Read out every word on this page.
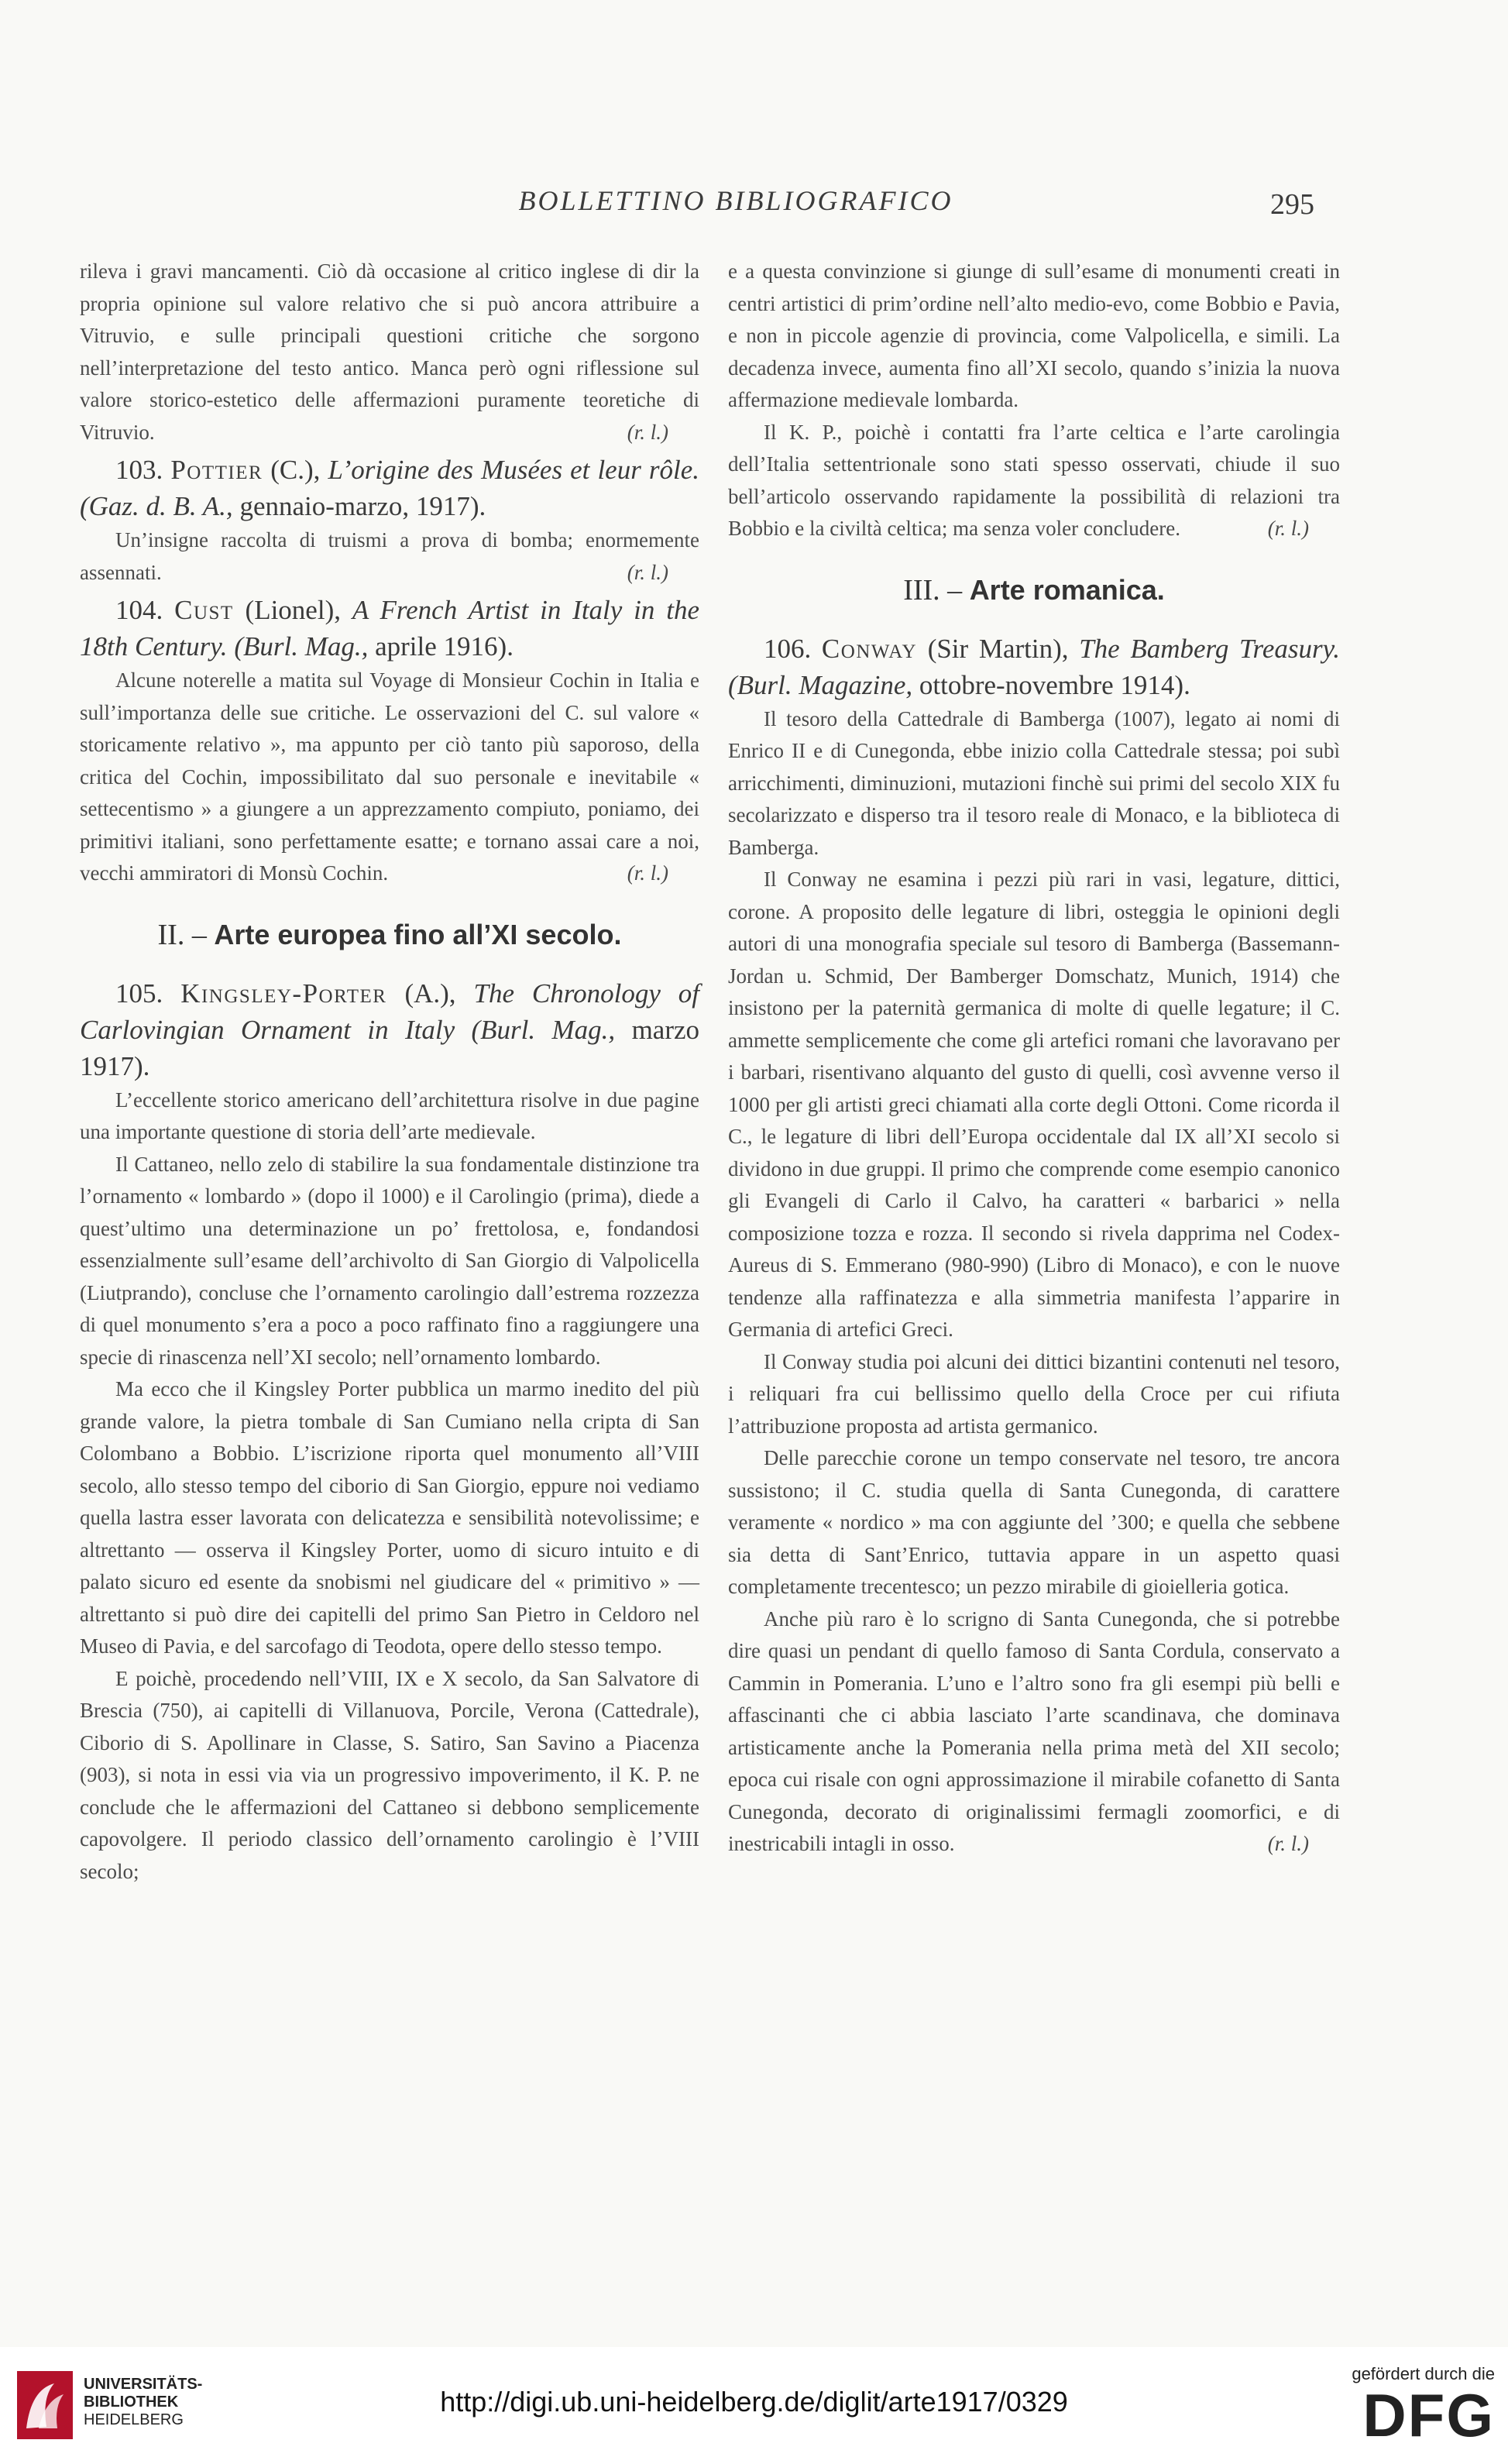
BOLLETTINO BIBLIOGRAFICO	295

rileva i gravi mancamenti. Ciò dà occasione al critico inglese di dir la propria opinione sul valore relativo che si può ancora attribuire a Vitruvio, e sulle principali questioni critiche che sorgono nell’interpretazione del testo antico. Manca però ogni riflessione sul valore storico-estetico delle affermazioni puramente teoretiche di Vitruvio.	(r. l.)

103. Pottier (C.), L’origine des Musées et leur rôle. (Gaz. d. B. A., gennaio-marzo, 1917).

Un’insigne raccolta di truismi a prova di bomba; enormemente assennati.	(r. l.)

104. Cust (Lionel), A French Artist in Italy in the 18th Century. (Burl. Mag., aprile 1916).

Alcune noterelle a matita sul Voyage di Monsieur Cochin in Italia e sull’importanza delle sue critiche. Le osservazioni del C. sul valore « storicamente relativo », ma appunto per ciò tanto più saporoso, della critica del Cochin, impossibilitato dal suo personale e inevitabile « settecentismo » a giungere a un apprezzamento compiuto, poniamo, dei primitivi italiani, sono perfettamente esatte; e tornano assai care a noi, vecchi ammiratori di Monsù Cochin.	(r. l.)

II. – Arte europea fino all’XI secolo.

105. Kingsley-Porter (A.), The Chronology of Carlovingian Ornament in Italy (Burl. Mag., marzo 1917).

L’eccellente storico americano dell’architettura risolve in due pagine una importante questione di storia dell’arte medievale.

Il Cattaneo, nello zelo di stabilire la sua fondamentale distinzione tra l’ornamento « lombardo » (dopo il 1000) e il Carolingio (prima), diede a quest’ultimo una determinazione un po’ frettolosa, e, fondandosi essenzialmente sull’esame dell’archivolto di San Giorgio di Valpolicella (Liutprando), concluse che l’ornamento carolingio dall’estrema rozzezza di quel monumento s’era a poco a poco raffinato fino a raggiungere una specie di rinascenza nell’XI secolo; nell’ornamento lombardo.

Ma ecco che il Kingsley Porter pubblica un marmo inedito del più grande valore, la pietra tombale di San Cumiano nella cripta di San Colombano a Bobbio. L’iscrizione riporta quel monumento all’VIII secolo, allo stesso tempo del ciborio di San Giorgio, eppure noi vediamo quella lastra esser lavorata con delicatezza e sensibilità notevolissime; e altrettanto — osserva il Kingsley Porter, uomo di sicuro intuito e di palato sicuro ed esente da snobismi nel giudicare del « primitivo » — altrettanto si può dire dei capitelli del primo San Pietro in Celdoro nel Museo di Pavia, e del sarcofago di Teodota, opere dello stesso tempo.

E poichè, procedendo nell’VIII, IX e X secolo, da San Salvatore di Brescia (750), ai capitelli di Villanuova, Porcile, Verona (Cattedrale), Ciborio di S. Apollinare in Classe, S. Satiro, San Savino a Piacenza (903), si nota in essi via via un progressivo impoverimento, il K. P. ne conclude che le affermazioni del Cattaneo si debbono semplicemente capovolgere. Il periodo classico dell’ornamento carolingio è l’VIII secolo;

e a questa convinzione si giunge di sull’esame di monumenti creati in centri artistici di prim’ordine nell’alto medio-evo, come Bobbio e Pavia, e non in piccole agenzie di provincia, come Valpolicella, e simili. La decadenza invece, aumenta fino all’XI secolo, quando s’inizia la nuova affermazione medievale lombarda.

Il K. P., poichè i contatti fra l’arte celtica e l’arte carolingia dell’Italia settentrionale sono stati spesso osservati, chiude il suo bell’articolo osservando rapidamente la possibilità di relazioni tra Bobbio e la civiltà celtica; ma senza voler concludere.	(r. l.)

III. – Arte romanica.

106. Conway (Sir Martin), The Bamberg Treasury. (Burl. Magazine, ottobre-novembre 1914).

Il tesoro della Cattedrale di Bamberga (1007), legato ai nomi di Enrico II e di Cunegonda, ebbe inizio colla Cattedrale stessa; poi subì arricchimenti, diminuzioni, mutazioni finchè sui primi del secolo XIX fu secolarizzato e disperso tra il tesoro reale di Monaco, e la biblioteca di Bamberga.

Il Conway ne esamina i pezzi più rari in vasi, legature, dittici, corone. A proposito delle legature di libri, osteggia le opinioni degli autori di una monografia speciale sul tesoro di Bamberga (Bassemann-Jordan u. Schmid, Der Bamberger Domschatz, Munich, 1914) che insistono per la paternità germanica di molte di quelle legature; il C. ammette semplicemente che come gli artefici romani che lavoravano per i barbari, risentivano alquanto del gusto di quelli, così avvenne verso il 1000 per gli artisti greci chiamati alla corte degli Ottoni. Come ricorda il C., le legature di libri dell’Europa occidentale dal IX all’XI secolo si dividono in due gruppi. Il primo che comprende come esempio canonico gli Evangeli di Carlo il Calvo, ha caratteri « barbarici » nella composizione tozza e rozza. Il secondo si rivela dapprima nel Codex-Aureus di S. Emmerano (980-990) (Libro di Monaco), e con le nuove tendenze alla raffinatezza e alla simmetria manifesta l’apparire in Germania di artefici Greci.

Il Conway studia poi alcuni dei dittici bizantini contenuti nel tesoro, i reliquari fra cui bellissimo quello della Croce per cui rifiuta l’attribuzione proposta ad artista germanico.

Delle parecchie corone un tempo conservate nel tesoro, tre ancora sussistono; il C. studia quella di Santa Cunegonda, di carattere veramente « nordico » ma con aggiunte del ’300; e quella che sebbene sia detta di Sant’Enrico, tuttavia appare in un aspetto quasi completamente trecentesco; un pezzo mirabile di gioielleria gotica.

Anche più raro è lo scrigno di Santa Cunegonda, che si potrebbe dire quasi un pendant di quello famoso di Santa Cordula, conservato a Cammin in Pomerania. L’uno e l’altro sono fra gli esempi più belli e affascinanti che ci abbia lasciato l’arte scandinava, che dominava artisticamente anche la Pomerania nella prima metà del XII secolo; epoca cui risale con ogni approssimazione il mirabile cofanetto di Santa Cunegonda, decorato di originalissimi fermagli zoomorfici, e di inestricabili intagli in osso.	(r. l.)

UNIVERSITÄTS-
BIBLIOTHEK
HEIDELBERG
http://digi.ub.uni-heidelberg.de/diglit/arte1917/0329
gefördert durch die
DFG
